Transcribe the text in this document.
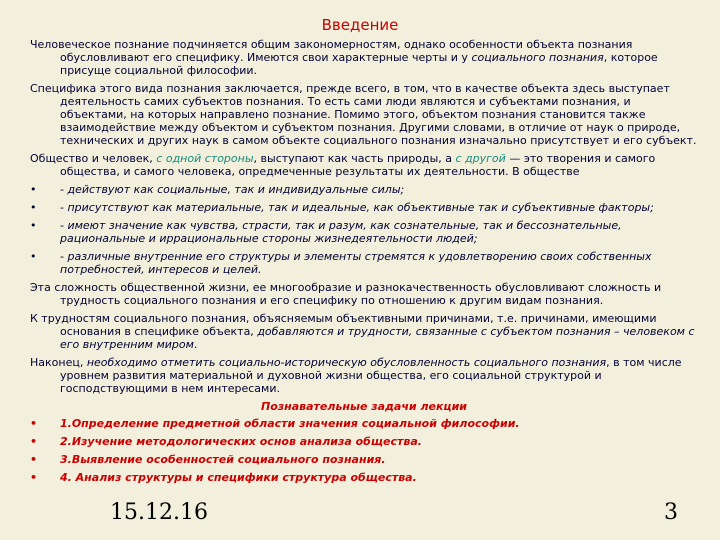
Введение
Человеческое познание подчиняется общим закономерностям, однако особенности объекта познания обусловливают его специфику. Имеются свои характерные черты и у социального познания, которое присуще социальной философии.
Специфика этого вида познания заключается, прежде всего, в том, что в качестве объекта здесь выступает деятельность самих субъектов познания. То есть сами люди являются и субъектами познания, и объектами, на которых направлено познание. Помимо этого, объектом познания становится также взаимодействие между объектом и субъектом познания. Другими словами, в отличие от наук о природе, технических и других наук в самом объекте социального познания изначально присутствует и его субъект.
Общество и человек, с одной стороны, выступают как часть природы, а с другой — это творения и самого общества, и самого человека, опредмеченные результаты их деятельности. В обществе
• - действуют как социальные, так и индивидуальные силы;
• - присутствуют как материальные, так и идеальные, как объективные так и субъективные факторы;
• - имеют значение как чувства, страсти, так и разум, как сознательные, так и бессознательные, рациональные и иррациональные стороны жизнедеятельности людей;
• - различные внутренние его структуры и элементы стремятся к удовлетворению своих собственных потребностей, интересов и целей.
Эта сложность общественной жизни, ее многообразие и разнокачественность обусловливают сложность и трудность социального познания и его специфику по отношению к другим видам познания.
К трудностям социального познания, объясняемым объективными причинами, т.е. причинами, имеющими основания в специфике объекта, добавляются и трудности, связанные с субъектом познания – человеком с его внутренним миром.
Наконец, необходимо отметить социально-историческую обусловленность социального познания, в том числе уровнем развития материальной и духовной жизни общества, его социальной структурой и господствующими в нем интересами.
Познавательные задачи лекции
• 1.Определение предметной области значения социальной философии.
• 2.Изучение методологических основ анализа общества.
• 3.Выявление особенностей социального познания.
• 4. Анализ структуры и специфики структура общества.
15.12.16	3
